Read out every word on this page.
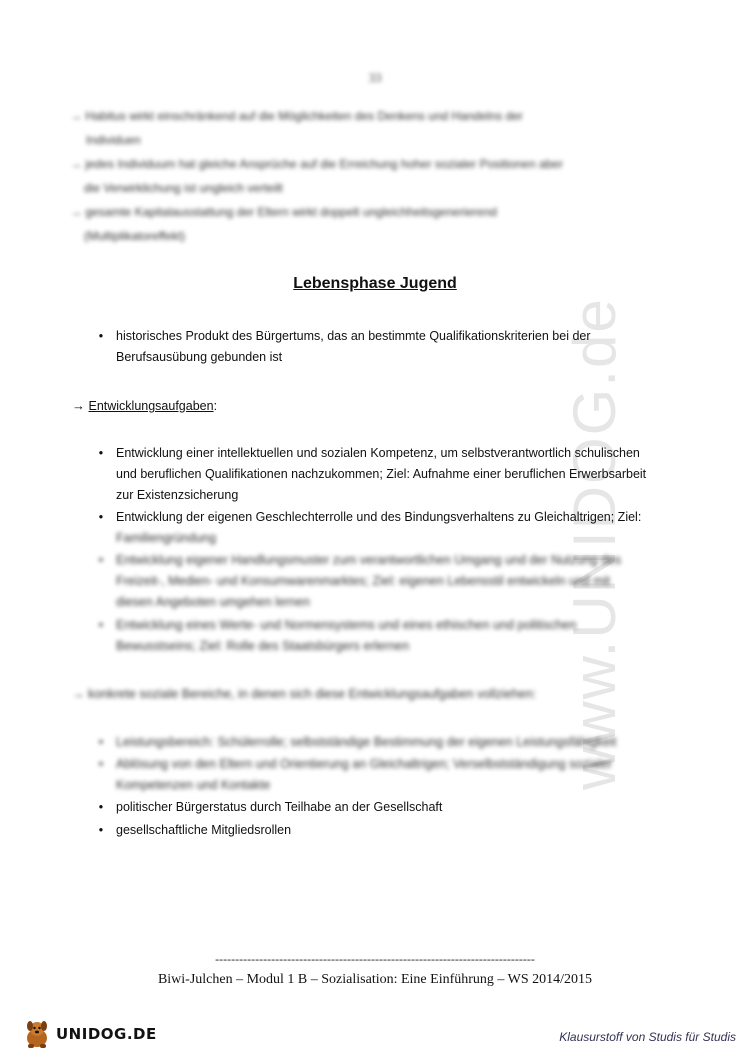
www.UNIDOG.de
33
→ Habitus wirkt einschränkend auf die Möglichkeiten des Denkens und Handelns der
Individuen
→ jedes Individuum hat gleiche Ansprüche auf die Erreichung hoher sozialer Positionen aber
die Verwirklichung ist ungleich verteilt
→ gesamte Kapitalausstattung der Eltern wirkt doppelt ungleichheitsgenerierend
(Multiplikatoreffekt)
Lebensphase Jugend
•	historisches Produkt des Bürgertums, das an bestimmte Qualifikationskriterien bei der
Berufsausübung gebunden ist
→ Entwicklungsaufgaben:
•	Entwicklung einer intellektuellen und sozialen Kompetenz, um selbstverantwortlich schulischen
und beruflichen Qualifikationen nachzukommen; Ziel: Aufnahme einer beruflichen Erwerbsarbeit
zur Existenzsicherung
•	Entwicklung der eigenen Geschlechterrolle und des Bindungsverhaltens zu Gleichaltrigen; Ziel:
Familiengründung
•	Entwicklung eigener Handlungsmuster zum verantwortlichen Umgang und der Nutzung des
Freizeit-, Medien- und Konsumwarenmarktes; Ziel: eigenen Lebensstil entwickeln und mit
diesen Angeboten umgehen lernen
•	Entwicklung eines Werte- und Normensystems und eines ethischen und politischen
Bewusstseins; Ziel: Rolle des Staatsbürgers erlernen
→ konkrete soziale Bereiche, in denen sich diese Entwicklungsaufgaben vollziehen:
•	Leistungsbereich: Schülerrolle; selbstständige Bestimmung der eigenen Leistungsfähigkeit
•	Ablösung von den Eltern und Orientierung an Gleichaltrigen; Verselbstständigung sozialer
Kompetenzen und Kontakte
•	politischer Bürgerstatus durch Teilhabe an der Gesellschaft
•	gesellschaftliche Mitgliedsrollen
--------------------------------------------------------------------------------
Biwi-Julchen – Modul 1 B – Sozialisation: Eine Einführung – WS 2014/2015
UNIDOG.DE	Klausurstoff von Studis für Studis
